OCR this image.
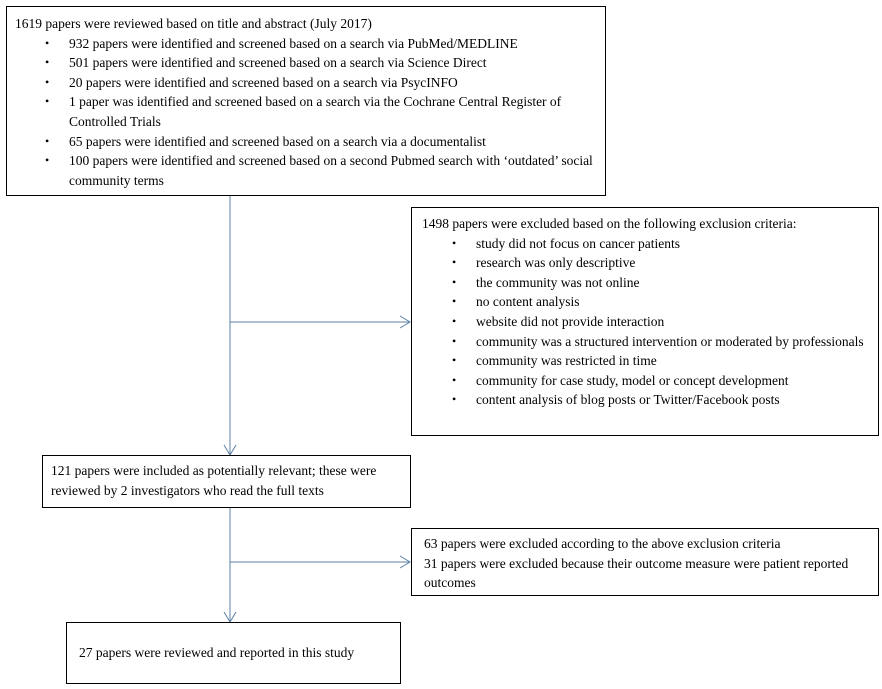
1619 papers were reviewed based on title and abstract (July 2017)
• 932 papers were identified and screened based on a search via PubMed/MEDLINE
• 501 papers were identified and screened based on a search via Science Direct
• 20 papers were identified and screened based on a search via PsycINFO
• 1 paper was identified and screened based on a search via the Cochrane Central Register of Controlled Trials
• 65 papers were identified and screened based on a search via a documentalist
• 100 papers were identified and screened based on a second Pubmed search with ‘outdated’ social community terms
1498 papers were excluded based on the following exclusion criteria:
• study did not focus on cancer patients
• research was only descriptive
• the community was not online
• no content analysis
• website did not provide interaction
• community was a structured intervention or moderated by professionals
• community was restricted in time
• community for case study, model or concept development
• content analysis of blog posts or Twitter/Facebook posts
121 papers were included as potentially relevant; these were reviewed by 2 investigators who read the full texts
63 papers were excluded according to the above exclusion criteria
31 papers were excluded because their outcome measure were patient reported outcomes
27 papers were reviewed and reported in this study
